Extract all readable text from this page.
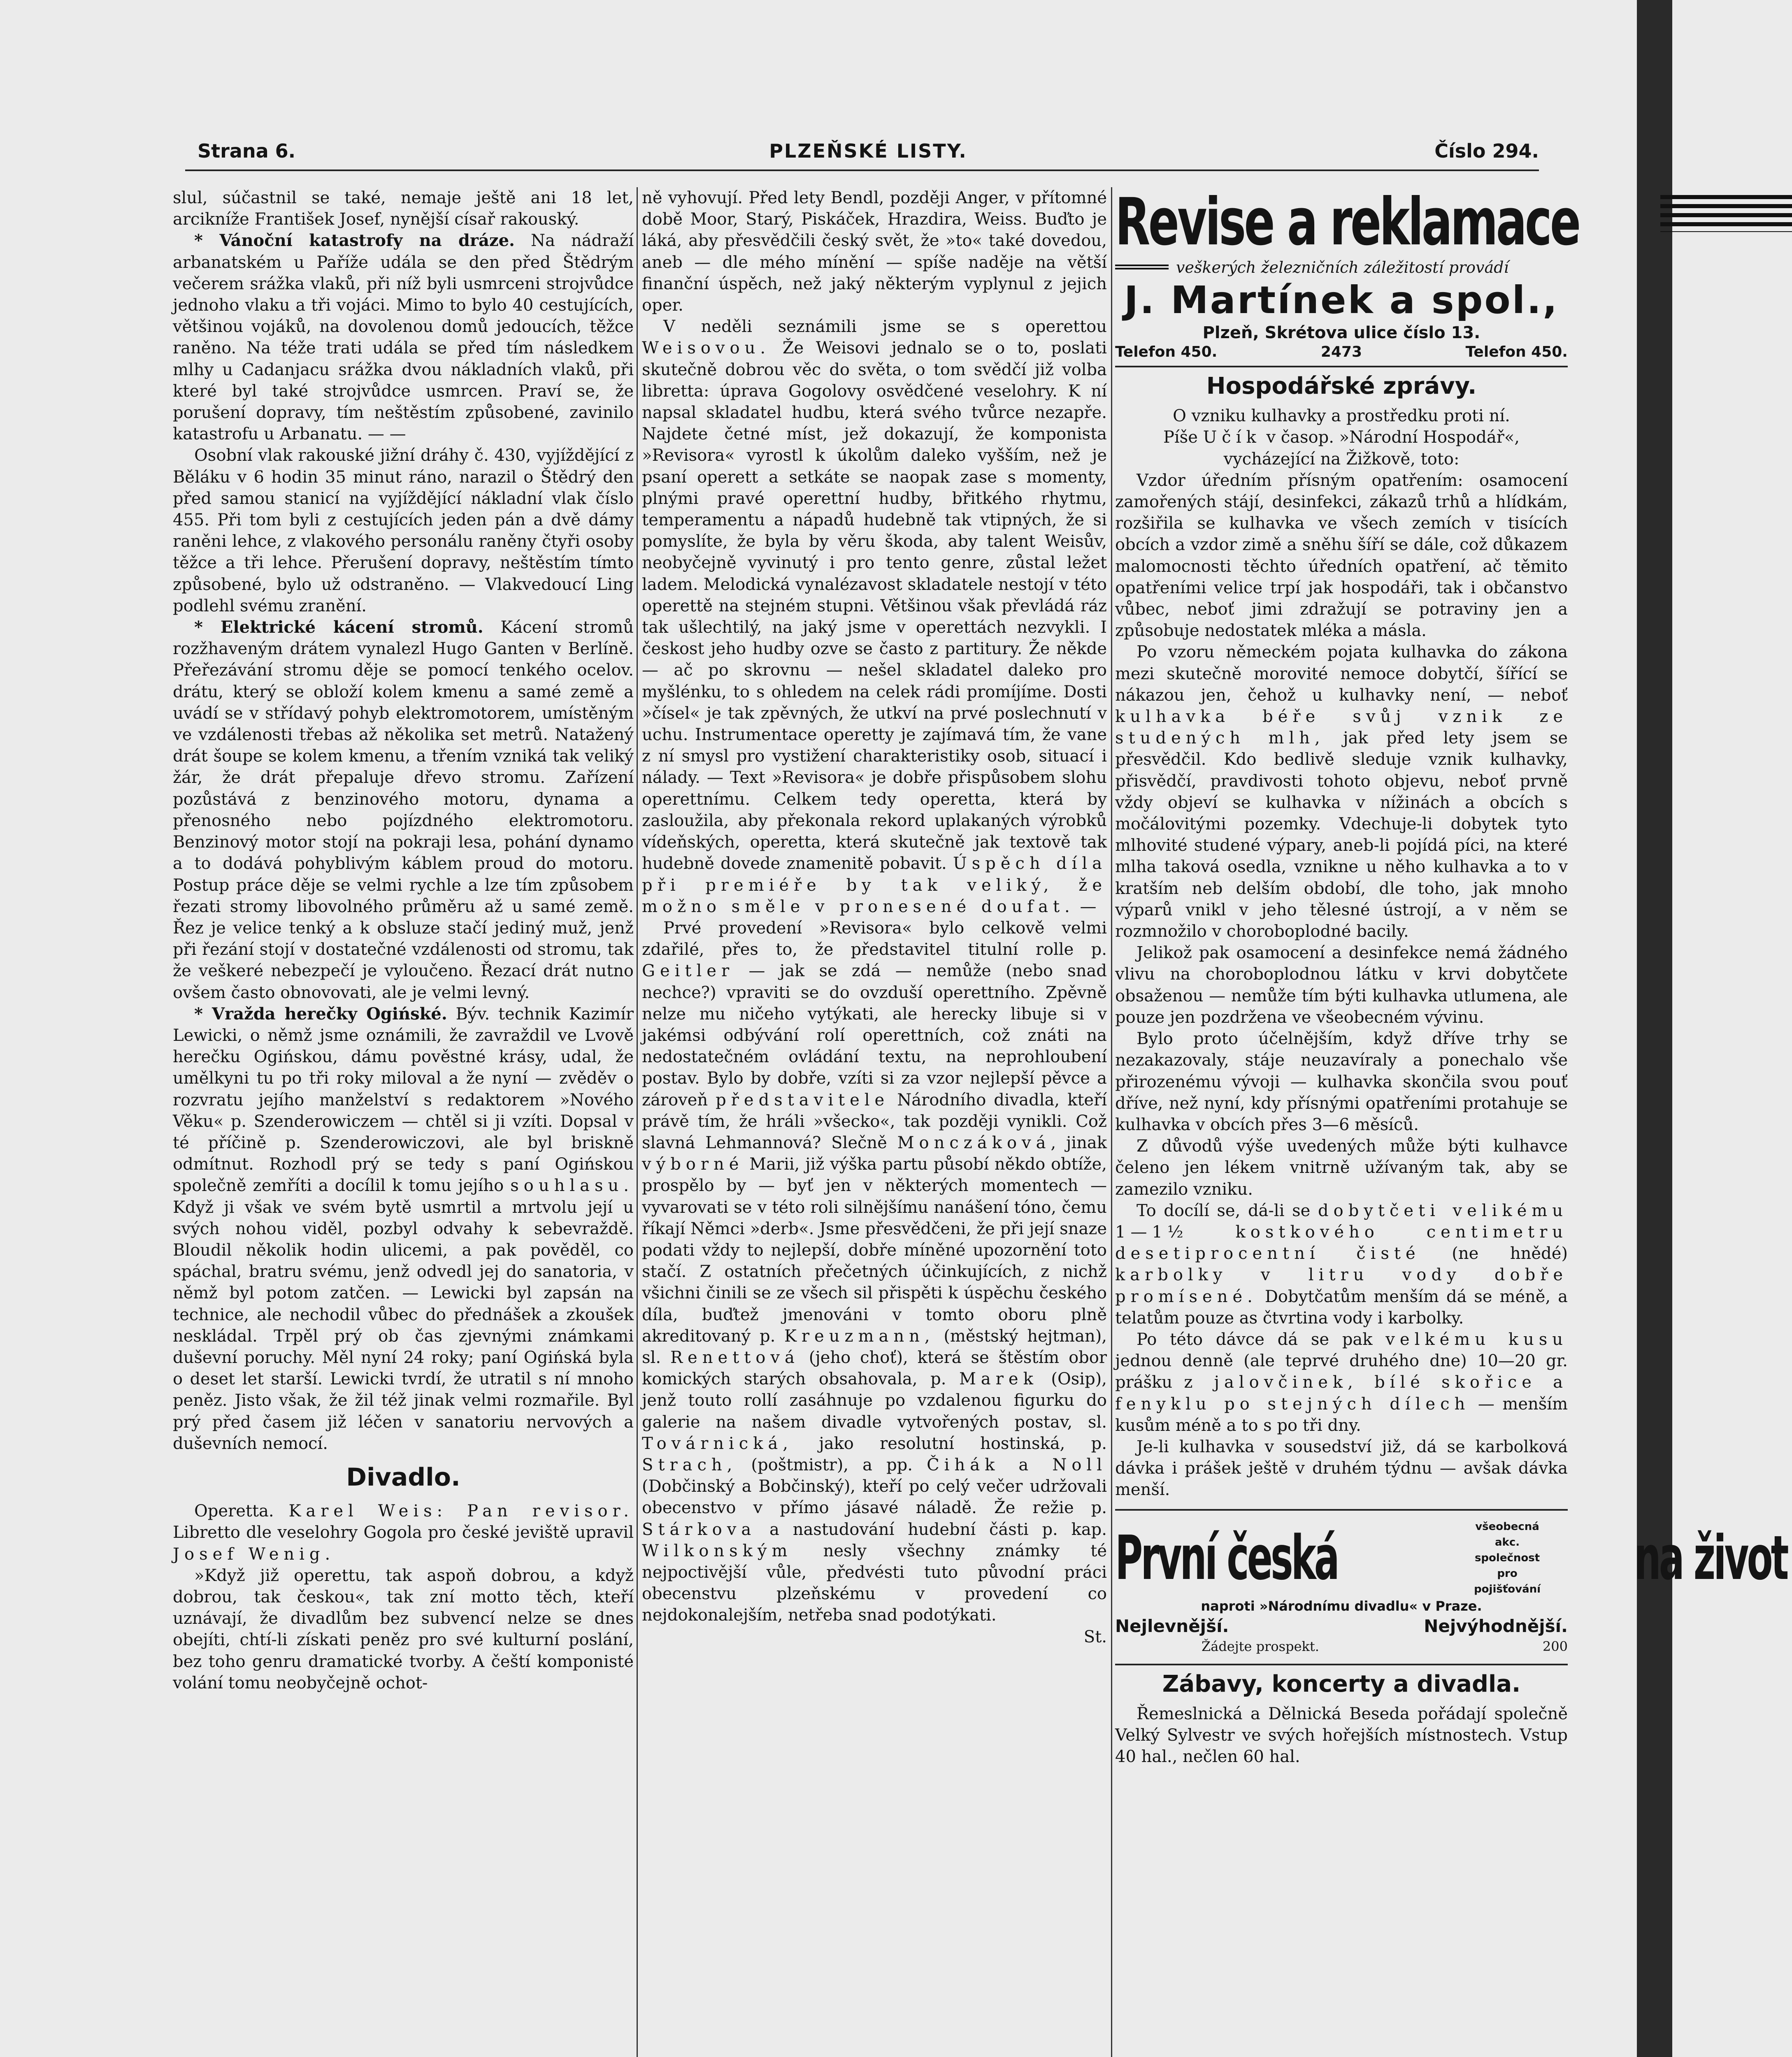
Strana 6.	PLZEŇSKÉ LISTY.	Číslo 294.

slul, súčastnil se také, nemaje ještě ani 18 let, arcikníže František Josef, nynější císař rakouský.

* Vánoční katastrofy na dráze. Na nádraží arbanatském u Paříže udála se den před Štědrým večerem srážka vlaků, při níž byli usmrceni strojvůdce jednoho vlaku a tři vojáci. Mimo to bylo 40 cestujících, většinou vojáků, na dovolenou domů jedoucích, těžce raněno. Na téže trati udála se před tím následkem mlhy u Cadanjacu srážka dvou nákladních vlaků, při které byl také strojvůdce usmrcen. Praví se, že porušení dopravy, tím neštěstím způsobené, zavinilo katastrofu u Arbanatu. — —

Osobní vlak rakouské jižní dráhy č. 430, vyjíždějící z Běláku v 6 hodin 35 minut ráno, narazil o Štědrý den před samou stanicí na vyjíždějící nákladní vlak číslo 455. Při tom byli z cestujících jeden pán a dvě dámy raněni lehce, z vlakového personálu raněny čtyři osoby těžce a tři lehce. Přerušení dopravy, neštěstím tímto způsobené, bylo už odstraněno. — Vlakvedoucí Ling podlehl svému zranění.

* Elektrické kácení stromů. Kácení stromů rozžhaveným drátem vynalezl Hugo Ganten v Berlíně. Přeřezávání stromu děje se pomocí tenkého ocelov. drátu, který se obloží kolem kmenu a samé země a uvádí se v střídavý pohyb elektromotorem, umístěným ve vzdálenosti třebas až několika set metrů. Natažený drát šoupe se kolem kmenu, a třením vzniká tak veliký žár, že drát přepaluje dřevo stromu. Zařízení pozůstává z benzinového motoru, dynama a přenosného nebo pojízdného elektromotoru. Benzinový motor stojí na pokraji lesa, pohání dynamo a to dodává pohyblivým káblem proud do motoru. Postup práce děje se velmi rychle a lze tím způsobem řezati stromy libovolného průměru až u samé země. Řez je velice tenký a k obsluze stačí jediný muž, jenž při řezání stojí v dostatečné vzdálenosti od stromu, tak že veškeré nebezpečí je vyloučeno. Řezací drát nutno ovšem často obnovovati, ale je velmi levný.

* Vražda herečky Ogińské. Býv. technik Kazimír Lewicki, o němž jsme oznámili, že zavraždil ve Lvově herečku Ogińskou, dámu pověstné krásy, udal, že umělkyni tu po tři roky miloval a že nyní — zvěděv o rozvratu jejího manželství s redaktorem »Nového Věku« p. Szenderowiczem — chtěl si ji vzíti. Dopsal v té příčině p. Szenderowiczovi, ale byl briskně odmítnut. Rozhodl prý se tedy s paní Ogińskou společně zemříti a docílil k tomu jejího souhlasu. Když ji však ve svém bytě usmrtil a mrtvolu její u svých nohou viděl, pozbyl odvahy k sebevraždě. Bloudil několik hodin ulicemi, a pak pověděl, co spáchal, bratru svému, jenž odvedl jej do sanatoria, v němž byl potom zatčen. — Lewicki byl zapsán na technice, ale nechodil vůbec do přednášek a zkoušek neskládal. Trpěl prý ob čas zjevnými známkami duševní poruchy. Měl nyní 24 roky; paní Ogińská byla o deset let starší. Lewicki tvrdí, že utratil s ní mnoho peněz. Jisto však, že žil též jinak velmi rozmařile. Byl prý před časem již léčen v sanatoriu nervových a duševních nemocí.

Divadlo.

Operetta. Karel Weis: Pan revisor. Libretto dle veselohry Gogola pro české jeviště upravil Josef Wenig.

»Když již operettu, tak aspoň dobrou, a když dobrou, tak českou«, tak zní motto těch, kteří uznávají, že divadlům bez subvencí nelze se dnes obejíti, chtí-li získati peněz pro své kulturní poslání, bez toho genru dramatické tvorby. A čeští komponisté volání tomu neobyčejně ochot-

ně vyhovují. Před lety Bendl, později Anger, v přítomné době Moor, Starý, Piskáček, Hrazdira, Weiss. Buďto je láká, aby přesvědčili český svět, že »to« také dovedou, aneb — dle mého mínění — spíše naděje na větší finanční úspěch, než jaký některým vyplynul z jejich oper.

V neděli seznámili jsme se s operettou Weisovou. Že Weisovi jednalo se o to, poslati skutečně dobrou věc do světa, o tom svědčí již volba libretta: úprava Gogolovy osvědčené veselohry. K ní napsal skladatel hudbu, která svého tvůrce nezapře. Najdete četné míst, jež dokazují, že komponista »Revisora« vyrostl k úkolům daleko vyšším, než je psaní operett a setkáte se naopak zase s momenty, plnými pravé operettní hudby, břitkého rhytmu, temperamentu a nápadů hudebně tak vtipných, že si pomyslíte, že byla by věru škoda, aby talent Weisův, neobyčejně vyvinutý i pro tento genre, zůstal ležet ladem. Melodická vynalézavost skladatele nestojí v této operettě na stejném stupni. Většinou však převládá ráz tak ušlechtilý, na jaký jsme v operettách nezvykli. I českost jeho hudby ozve se často z partitury. Že někde — ač po skrovnu — nešel skladatel daleko pro myšlénku, to s ohledem na celek rádi promíjíme. Dosti »čísel« je tak zpěvných, že utkví na prvé poslechnutí v uchu. Instrumentace operetty je zajímavá tím, že vane z ní smysl pro vystižení charakteristiky osob, situací i nálady. — Text »Revisora« je dobře přispůsobem slohu operettnímu. Celkem tedy operetta, která by zasloužila, aby překonala rekord uplakaných výrobků vídeňských, operetta, která skutečně jak textově tak hudebně dovede znamenitě pobavit. Úspěch díla při premiéře by tak veliký, že možno směle v pronesené doufat. —

Prvé provedení »Revisora« bylo celkově velmi zdařilé, přes to, že představitel titulní rolle p. Geitler — jak se zdá — nemůže (nebo snad nechce?) vpraviti se do ovzduší operettního. Zpěvně nelze mu ničeho vytýkati, ale herecky libuje si v jakémsi odbývání rolí operettních, což znáti na nedostatečném ovládání textu, na neprohloubení postav. Bylo by dobře, vzíti si za vzor nejlepší pěvce a zároveň představitele Národního divadla, kteří právě tím, že hráli »všecko«, tak později vynikli. Což slavná Lehmannová? Slečně Monczáková, jinak výborné Marii, již výška partu působí někdo obtíže, prospělo by — byť jen v některých momentech — vyvarovati se v této roli silnějšímu nanášení tóno, čemu říkají Němci »derb«. Jsme přesvědčeni, že při její snaze podati vždy to nejlepší, dobře míněné upozornění toto stačí. Z ostatních přečetných účinkujících, z nichž všichni činili se ze všech sil přispěti k úspěchu českého díla, buďtež jmenováni v tomto oboru plně akreditovaný p. Kreuzmann, (městský hejtman), sl. Renettová (jeho choť), která se štěstím obor komických starých obsahovala, p. Marek (Osip), jenž touto rollí zasáhnuje po vzdalenou figurku do galerie na našem divadle vytvořených postav, sl. Továrnická, jako resolutní hostinská, p. Strach, (poštmistr), a pp. Čihák a Noll (Dobčinský a Bobčinský), kteří po celý večer udržovali obecenstvo v přímo jásavé náladě. Že režie p. Stárkova a nastudování hudební části p. kap. Wilkonským nesly všechny známky té nejpoctivější vůle, předvésti tuto původní práci obecenstvu plzeňskému v provedení co nejdokonalejším, netřeba snad podotýkati.

St.

Revise a reklamace
veškerých železničních záležitostí provádí
J. Martínek a spol.,
Plzeň, Skrétova ulice číslo 13.
Telefon 450.	2473	Telefon 450.
Hospodářské zprávy.

O vzniku kulhavky a prostředku proti ní.

Píše Učík v časop. »Národní Hospodář«, vycházející na Žižkově, toto:

Vzdor úředním přísným opatřením: osamocení zamořených stájí, desinfekci, zákazů trhů a hlídkám, rozšiřila se kulhavka ve všech zemích v tisících obcích a vzdor zimě a sněhu šíří se dále, což důkazem malomocnosti těchto úředních opatření, ač těmito opatřeními velice trpí jak hospodáři, tak i občanstvo vůbec, neboť jimi zdražují se potraviny jen a způsobuje nedostatek mléka a másla.

Po vzoru německém pojata kulhavka do zákona mezi skutečně morovité nemoce dobytčí, šířící se nákazou jen, čehož u kulhavky není, — neboť kulhavka béře svůj vznik ze studených mlh, jak před lety jsem se přesvědčil. Kdo bedlivě sleduje vznik kulhavky, přisvědčí, pravdivosti tohoto objevu, neboť prvně vždy objeví se kulhavka v nížinách a obcích s močálovitými pozemky. Vdechuje-li dobytek tyto mlhovité studené výpary, aneb-li pojídá píci, na které mlha taková osedla, vznikne u něho kulhavka a to v kratším neb delším období, dle toho, jak mnoho výparů vnikl v jeho tělesné ústrojí, a v něm se rozmnožilo v choroboplodné bacily.

Jelikož pak osamocení a desinfekce nemá žádného vlivu na choroboplodnou látku v krvi dobytčete obsaženou — nemůže tím býti kulhavka utlumena, ale pouze jen pozdržena ve všeobecném vývinu.

Bylo proto účelnějším, když dříve trhy se nezakazovaly, stáje neuzavíraly a ponechalo vše přirozenému vývoji — kulhavka skončila svou pouť dříve, než nyní, kdy přísnými opatřeními protahuje se kulhavka v obcích přes 3—6 měsíců.

Z důvodů výše uvedených může býti kulhavce čeleno jen lékem vnitrně užívaným tak, aby se zamezilo vzniku.

To docílí se, dá-li se dobytčeti velikému 1—1½ kostkového centimetru desetiprocentní čisté (ne hnědé) karbolky v litru vody dobře promísené. Dobytčatům menším dá se méně, a telatům pouze as čtvrtina vody i karbolky.

Po této dávce dá se pak velkému kusu jednou denně (ale teprvé druhého dne) 10—20 gr. prášku z jalovčinek, bílé skořice a fenyklu po stejných dílech — menším kusům méně a to s po tři dny.

Je-li kulhavka v sousedství již, dá se karbolková dávka i prášek ještě v druhém týdnu — avšak dávka menší.

První česká	všeobecná akc.
společnost
pro pojišťování na život
naproti »Národnímu divadlu« v Praze.
Nejlevnější.	Nejvýhodnější.
Žádejte prospekt.	200
Zábavy, koncerty a divadla.

Řemeslnická a Dělnická Beseda pořádají společně Velký Sylvestr ve svých hořejších místnostech. Vstup 40 hal., nečlen 60 hal.
